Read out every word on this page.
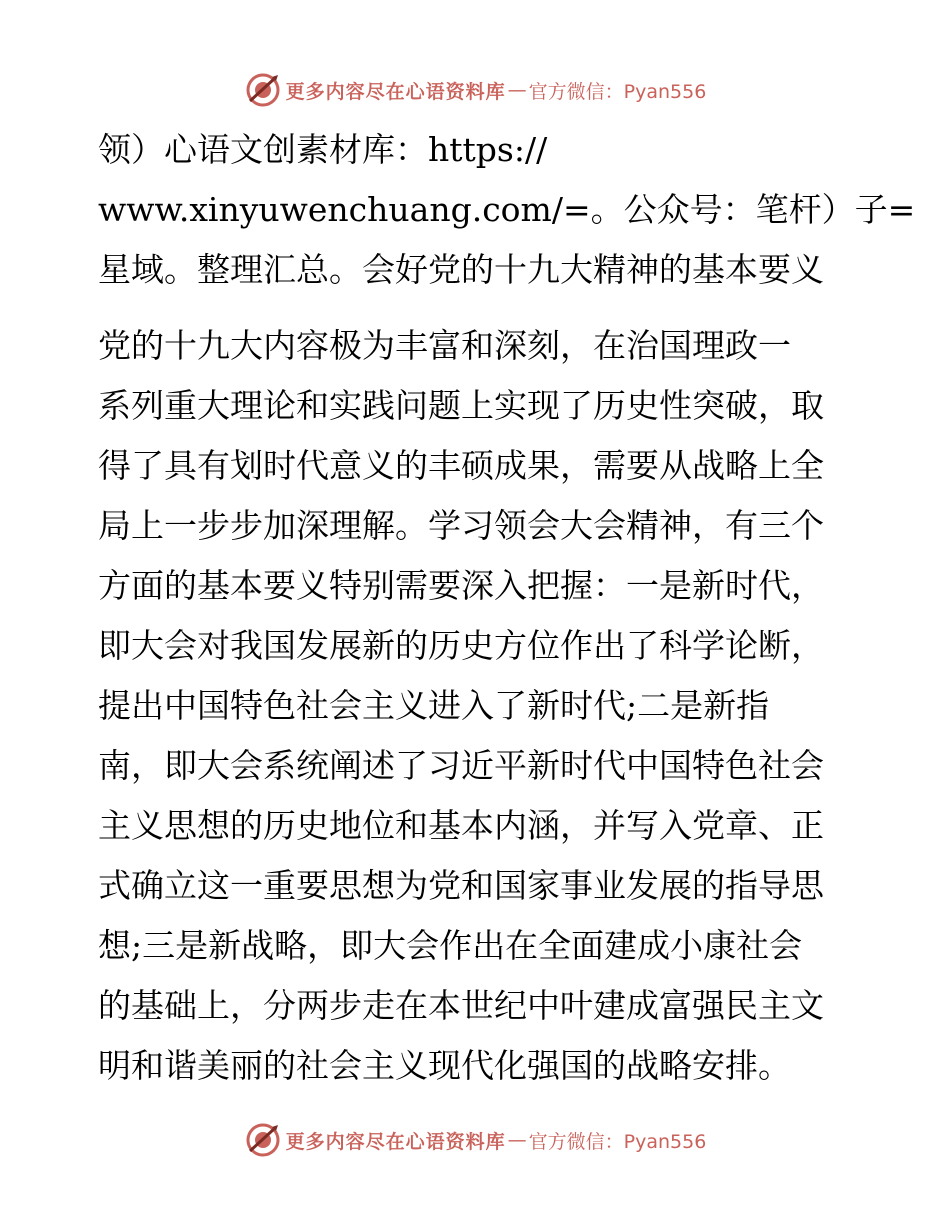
更多内容尽在心语资料库 — 官方微信：Pyan556
领）心语文创素材库：https://
www.xinyuwenchuang.com/=。公众号：笔杆）子=
星域。整理汇总。会好党的十九大精神的基本要义
党的十九大内容极为丰富和深刻，在治国理政一
系列重大理论和实践问题上实现了历史性突破，取
得了具有划时代意义的丰硕成果，需要从战略上全
局上一步步加深理解。学习领会大会精神，有三个
方面的基本要义特别需要深入把握：一是新时代，
即大会对我国发展新的历史方位作出了科学论断，
提出中国特色社会主义进入了新时代;二是新指
南，即大会系统阐述了习近平新时代中国特色社会
主义思想的历史地位和基本内涵，并写入党章、正
式确立这一重要思想为党和国家事业发展的指导思
想;三是新战略，即大会作出在全面建成小康社会
的基础上，分两步走在本世纪中叶建成富强民主文
明和谐美丽的社会主义现代化强国的战略安排。
更多内容尽在心语资料库 — 官方微信：Pyan556
